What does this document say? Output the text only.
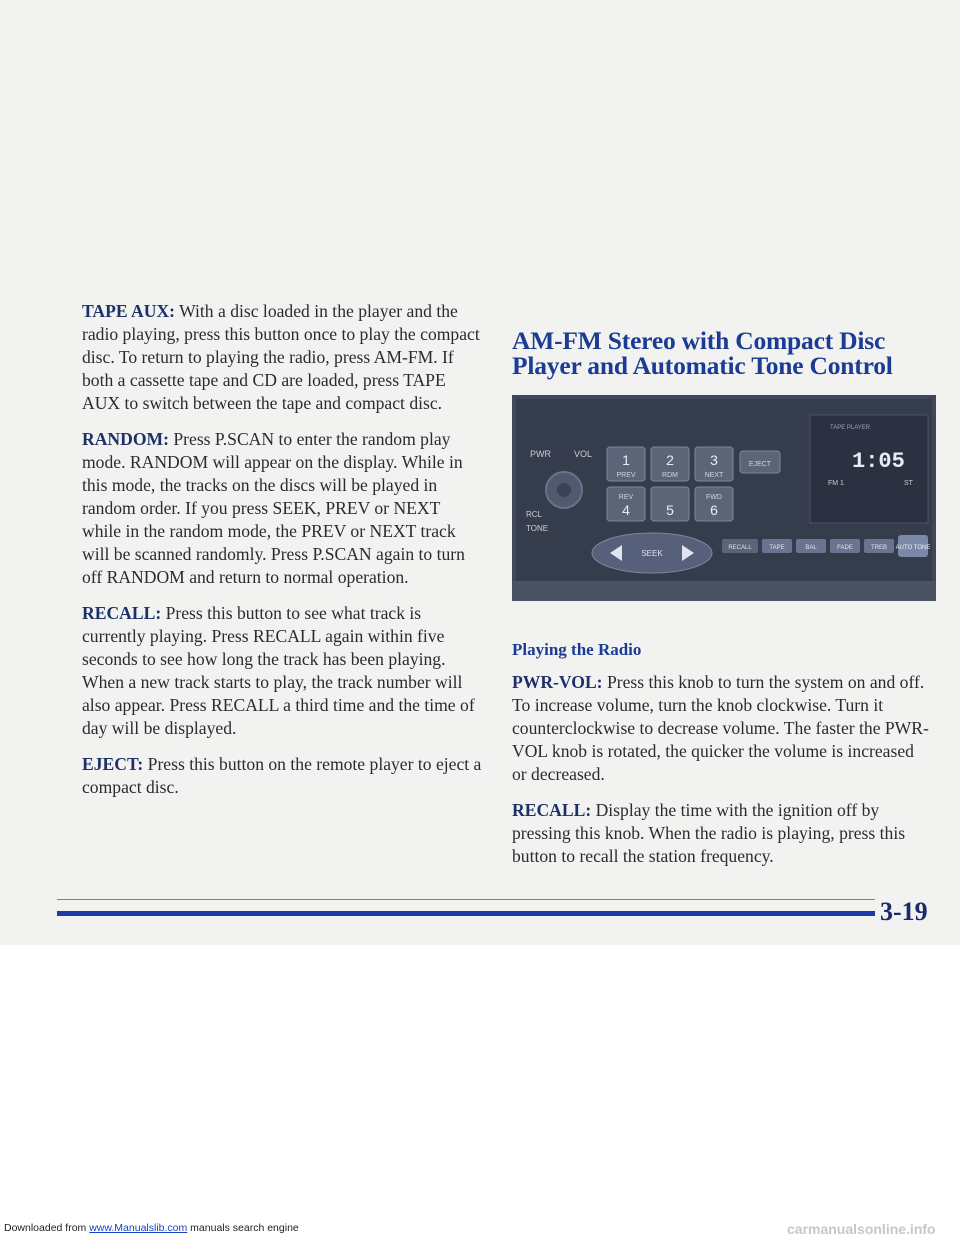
TAPE AUX: With a disc loaded in the player and the radio playing, press this button once to play the compact disc. To return to playing the radio, press AM-FM. If both a cassette tape and CD are loaded, press TAPE AUX to switch between the tape and compact disc.

RANDOM: Press P.SCAN to enter the random play mode. RANDOM will appear on the display. While in this mode, the tracks on the discs will be played in random order. If you press SEEK, PREV or NEXT while in the random mode, the PREV or NEXT track will be scanned randomly. Press P.SCAN again to turn off RANDOM and return to normal operation.

RECALL: Press this button to see what track is currently playing. Press RECALL again within five seconds to see how long the track has been playing. When a new track starts to play, the track number will also appear. Press RECALL a third time and the time of day will be displayed.

EJECT: Press this button on the remote player to eject a compact disc.

AM-FM Stereo with Compact Disc Player and Automatic Tone Control
PWR	VOL
RCL
TONE
1
PREV
2
RDM
3
NEXT
REV
4	5
FWD
6
EJECT
TAPE PLAYER
1:05
FM 1	ST
SEEK
RECALL	TAPE	BAL	FADE	TREB AUTO TONE
Playing the Radio

PWR-VOL: Press this knob to turn the system on and off. To increase volume, turn the knob clockwise. Turn it counterclockwise to decrease volume. The faster the PWR-VOL knob is rotated, the quicker the volume is increased or decreased.

RECALL: Display the time with the ignition off by pressing this knob. When the radio is playing, press this button to recall the station frequency.

3-19
Downloaded from www.Manualslib.com manuals search engine	carmanualsonline.info
